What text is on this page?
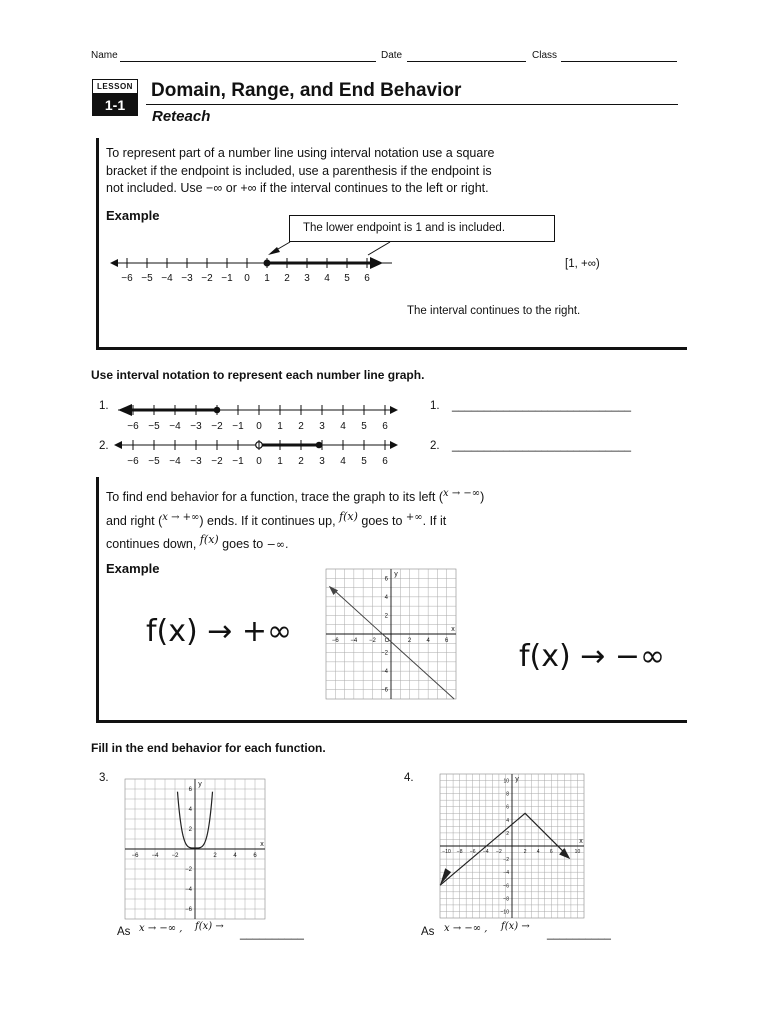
Name	Date	Class
LESSON
1-1
Domain, Range, and End Behavior
Reteach
To represent part of a number line using interval notation use a square
bracket if the endpoint is included, use a parenthesis if the endpoint is
not included. Use −∞ or +∞ if the interval continues to the left or right.
Example
The lower endpoint is 1 and is included.
−6 −5 −4 −3 −2 −1 0 1 2 3 4 5 6
[1, +∞)
The interval continues to the right.
Use interval notation to represent each number line graph.
1.
−6 −5 −4 −3 −2 −1 0 1 2 3 4 5 6
1. ____________________________
2.
−6 −5 −4 −3 −2 −1 0 1 2 3 4 5 6
2. ____________________________
To find end behavior for a function, trace the graph to its left ($^{x \to -\infty}$)
and right ($^{x \to +\infty}$) ends. If it continues up, $^{f(x)}$ goes to +∞. If it
continues down, $^{f(x)}$ goes to −∞.
Example
f(x) → +∞
f(x) → −∞
x
y
O
−6 −4 −2	2	4	6
6
4
2
−2
−4
−6
Fill in the end behavior for each function.
3.
x
y
−6 −4 −2	2	4	6
6
4
2
−2
−4
−6
As x → −∞ , f(x) →
__________
4.
x
y
−10 −8 −6 −4 −2	2 4 6	10
10
8
6
4
2
−2
−4
−6
−8
−10
As x → −∞ , f(x) →
__________
